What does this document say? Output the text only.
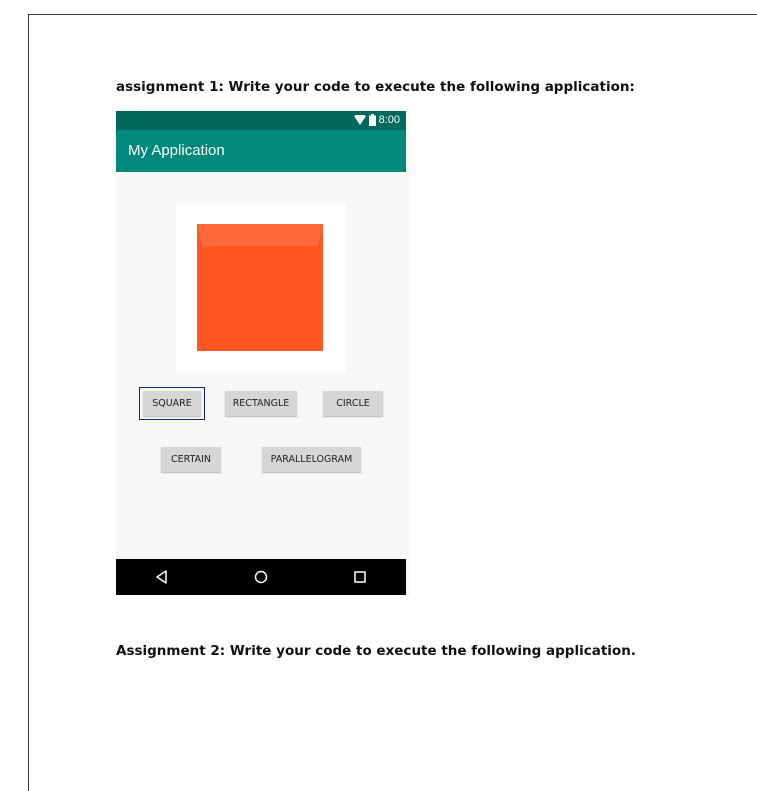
assignment 1: Write your code to execute the following application:
8:00
My Application
SQUARE	RECTANGLE	CIRCLE
CERTAIN	PARALLELOGRAM
Assignment 2: Write your code to execute the following application.
